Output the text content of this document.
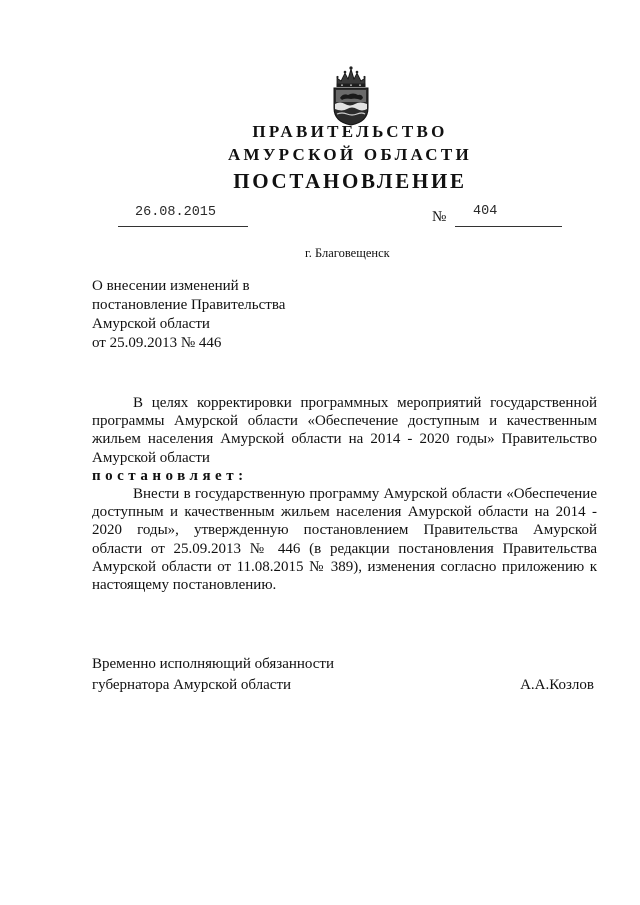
ПРАВИТЕЛЬСТВО
АМУРСКОЙ ОБЛАСТИ
ПОСТАНОВЛЕНИЕ
26.08.2015	№ 404
г. Благовещенск
О внесении изменений в
постановление Правительства
Амурской области
от 25.09.2013 № 446
В целях корректировки программных мероприятий государственной
программы Амурской области «Обеспечение доступным и качественным
жильем населения Амурской области на 2014 - 2020 годы» Правительство
Амурской области
постановляет:
Внести в государственную программу Амурской области «Обеспечение
доступным и качественным жильем населения Амурской области на 2014 -
2020 годы», утвержденную постановлением Правительства Амурской
области от 25.09.2013 № 446 (в редакции постановления Правительства
Амурской области от 11.08.2015 № 389), изменения согласно приложению к
настоящему постановлению.
Временно исполняющий обязанности
губернатора Амурской области	А.А.Козлов
